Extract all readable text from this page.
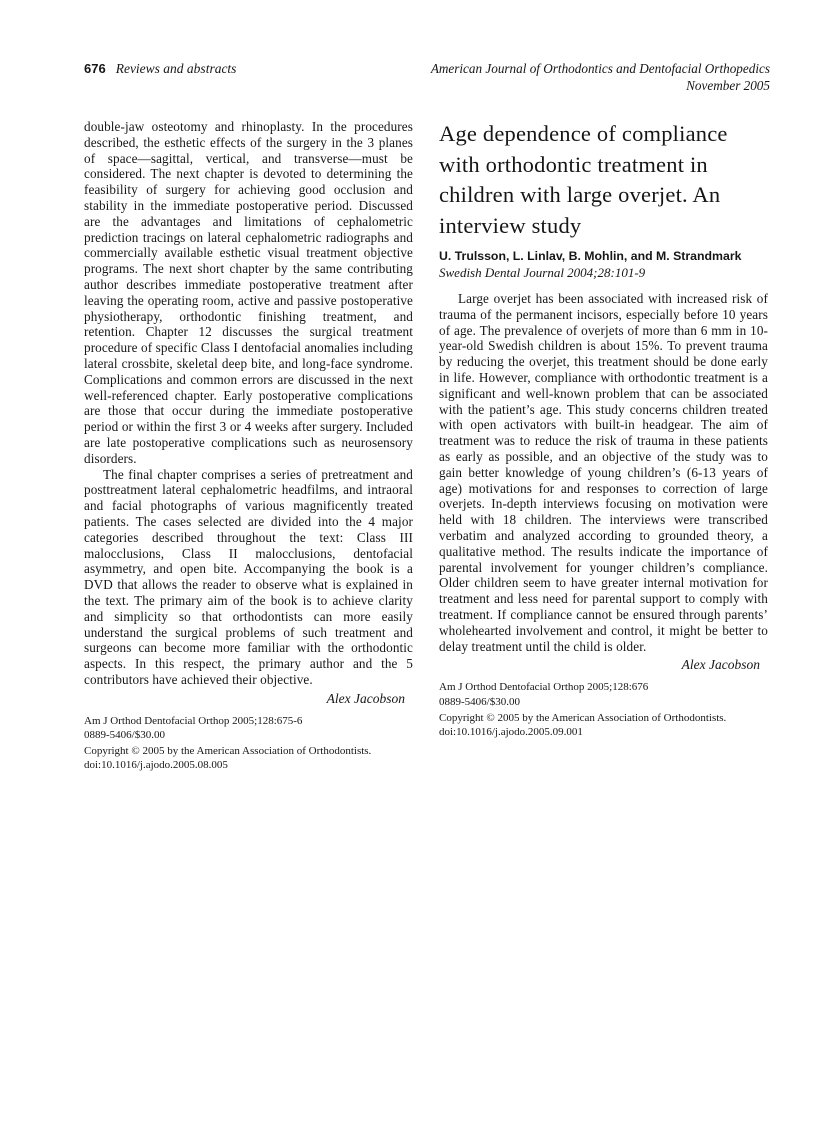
676 Reviews and abstracts	American Journal of Orthodontics and Dentofacial Orthopedics
November 2005

double-jaw osteotomy and rhinoplasty. In the procedures described, the esthetic effects of the surgery in the 3 planes of space—sagittal, vertical, and transverse—must be considered. The next chapter is devoted to determining the feasibility of surgery for achieving good occlusion and stability in the immediate postoperative period. Discussed are the advantages and limitations of cephalometric prediction tracings on lateral cephalometric radiographs and commercially available esthetic visual treatment objective programs. The next short chapter by the same contributing author describes immediate postoperative treatment after leaving the operating room, active and passive postoperative physiotherapy, orthodontic finishing treatment, and retention. Chapter 12 discusses the surgical treatment procedure of specific Class I dentofacial anomalies including lateral crossbite, skeletal deep bite, and long-face syndrome. Complications and common errors are discussed in the next well-referenced chapter. Early postoperative complications are those that occur during the immediate postoperative period or within the first 3 or 4 weeks after surgery. Included are late postoperative complications such as neurosensory disorders.

The final chapter comprises a series of pretreatment and posttreatment lateral cephalometric headfilms, and intraoral and facial photographs of various magnificently treated patients. The cases selected are divided into the 4 major categories described throughout the text: Class III malocclusions, Class II malocclusions, dentofacial asymmetry, and open bite. Accompanying the book is a DVD that allows the reader to observe what is explained in the text. The primary aim of the book is to achieve clarity and simplicity so that orthodontists can more easily understand the surgical problems of such treatment and surgeons can become more familiar with the orthodontic aspects. In this respect, the primary author and the 5 contributors have achieved their objective.

Alex Jacobson
Am J Orthod Dentofacial Orthop 2005;128:675-6
0889-5406/$30.00
Copyright © 2005 by the American Association of Orthodontists.
doi:10.1016/j.ajodo.2005.08.005
Age dependence of compliance with orthodontic treatment in children with large overjet. An interview study
U. Trulsson, L. Linlav, B. Mohlin, and M. Strandmark
Swedish Dental Journal 2004;28:101-9

Large overjet has been associated with increased risk of trauma of the permanent incisors, especially before 10 years of age. The prevalence of overjets of more than 6 mm in 10-year-old Swedish children is about 15%. To prevent trauma by reducing the overjet, this treatment should be done early in life. However, compliance with orthodontic treatment is a significant and well-known problem that can be associated with the patient’s age. This study concerns children treated with open activators with built-in headgear. The aim of treatment was to reduce the risk of trauma in these patients as early as possible, and an objective of the study was to gain better knowledge of young children’s (6-13 years of age) motivations for and responses to correction of large overjets. In-depth interviews focusing on motivation were held with 18 children. The interviews were transcribed verbatim and analyzed according to grounded theory, a qualitative method. The results indicate the importance of parental involvement for younger children’s compliance. Older children seem to have greater internal motivation for treatment and less need for parental support to comply with treatment. If compliance cannot be ensured through parents’ wholehearted involvement and control, it might be better to delay treatment until the child is older.

Alex Jacobson
Am J Orthod Dentofacial Orthop 2005;128:676
0889-5406/$30.00
Copyright © 2005 by the American Association of Orthodontists.
doi:10.1016/j.ajodo.2005.09.001
